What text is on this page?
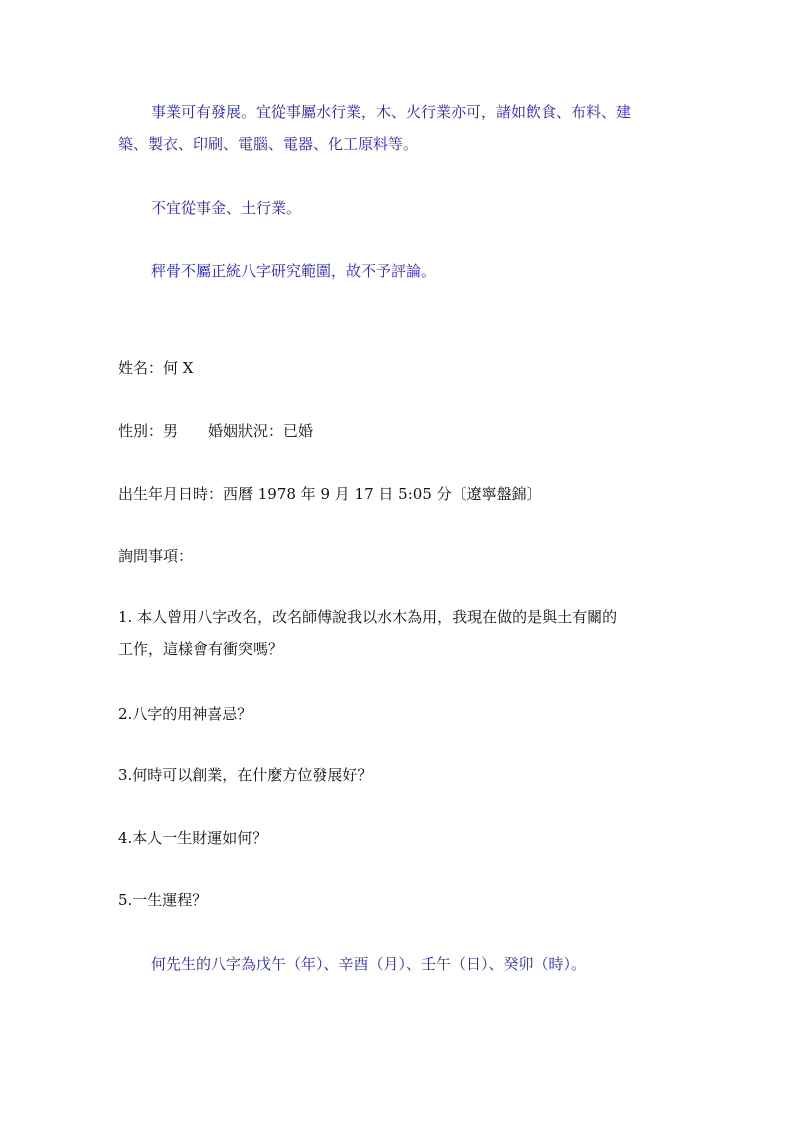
事業可有發展。宜從事屬水行業，木、火行業亦可，諸如飲食、布料、建
築、製衣、印刷、電腦、電器、化工原料等。
不宜從事金、土行業。
秤骨不屬正統八字研究範圍，故不予評論。
姓名：何 X
性別：男 婚姻狀況：已婚
出生年月日時：西曆 1978 年 9 月 17 日 5:05 分〔遼寧盤錦〕
詢問事項：
1. 本人曾用八字改名，改名師傅說我以水木為用，我現在做的是與土有關的
工作，這樣會有衝突嗎？
2.八字的用神喜忌？
3.何時可以創業，在什麼方位發展好？
4.本人一生財運如何？
5.一生運程？
何先生的八字為戊午（年）、辛酉（月）、壬午（日）、癸卯（時）。
